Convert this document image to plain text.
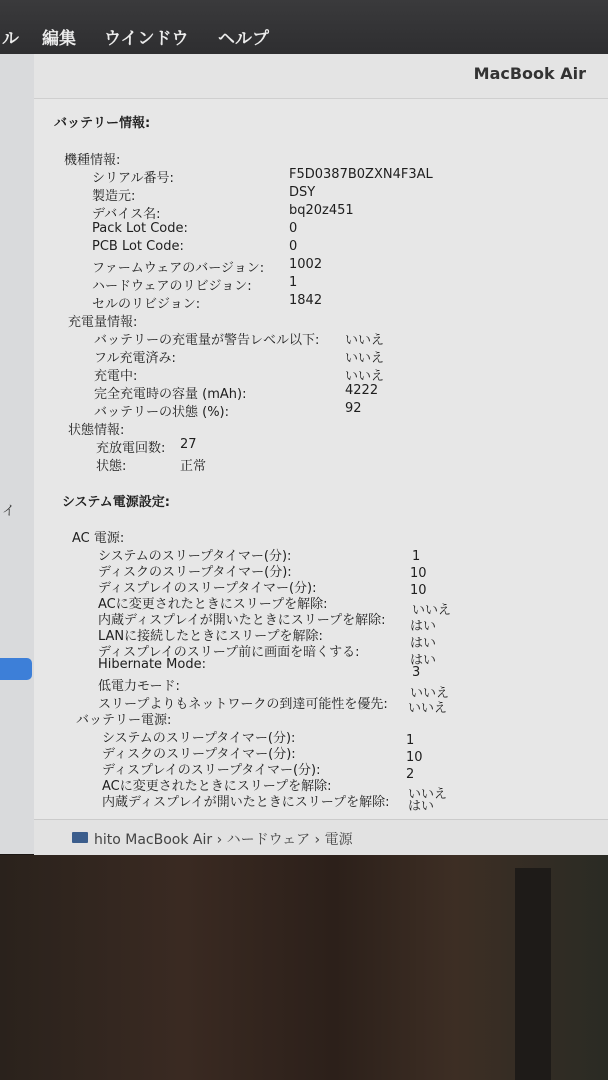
ル 編集 ウインドウ ヘルプ
イ
MacBook Air
バッテリー情報:
機種情報:
シリアル番号:	F5D0387B0ZXN4F3AL
製造元:	DSY
デバイス名:	bq20z451
Pack Lot Code:	0
PCB Lot Code:	0
ファームウェアのバージョン: 1002
ハードウェアのリビジョン:	1
セルのリビジョン:	1842
充電量情報:
バッテリーの充電量が警告レベル以下: いいえ
フル充電済み:	いいえ
充電中:	いいえ
完全充電時の容量 (mAh):	4222
バッテリーの状態 (%):	92
状態情報:
充放電回数: 27
状態:	正常
システム電源設定:
AC 電源:
システムのスリープタイマー(分):	1
ディスクのスリープタイマー(分):	10
ディスプレイのスリープタイマー(分):	10
ACに変更されたときにスリープを解除:	いいえ
内蔵ディスプレイが開いたときにスリープを解除: はい
LANに接続したときにスリープを解除:	はい
ディスプレイのスリープ前に画面を暗くする:
はい
Hibernate Mode:
3
低電力モード:	いいえ
スリープよりもネットワークの到達可能性を優先: いいえ
バッテリー電源:
システムのスリープタイマー(分):	1
ディスクのスリープタイマー(分):	10
ディスプレイのスリープタイマー(分):	2
ACに変更されたときにスリープを解除:
いいえ
内蔵ディスプレイが開いたときにスリープを解除: はい
hito MacBook Air › ハードウェア › 電源
